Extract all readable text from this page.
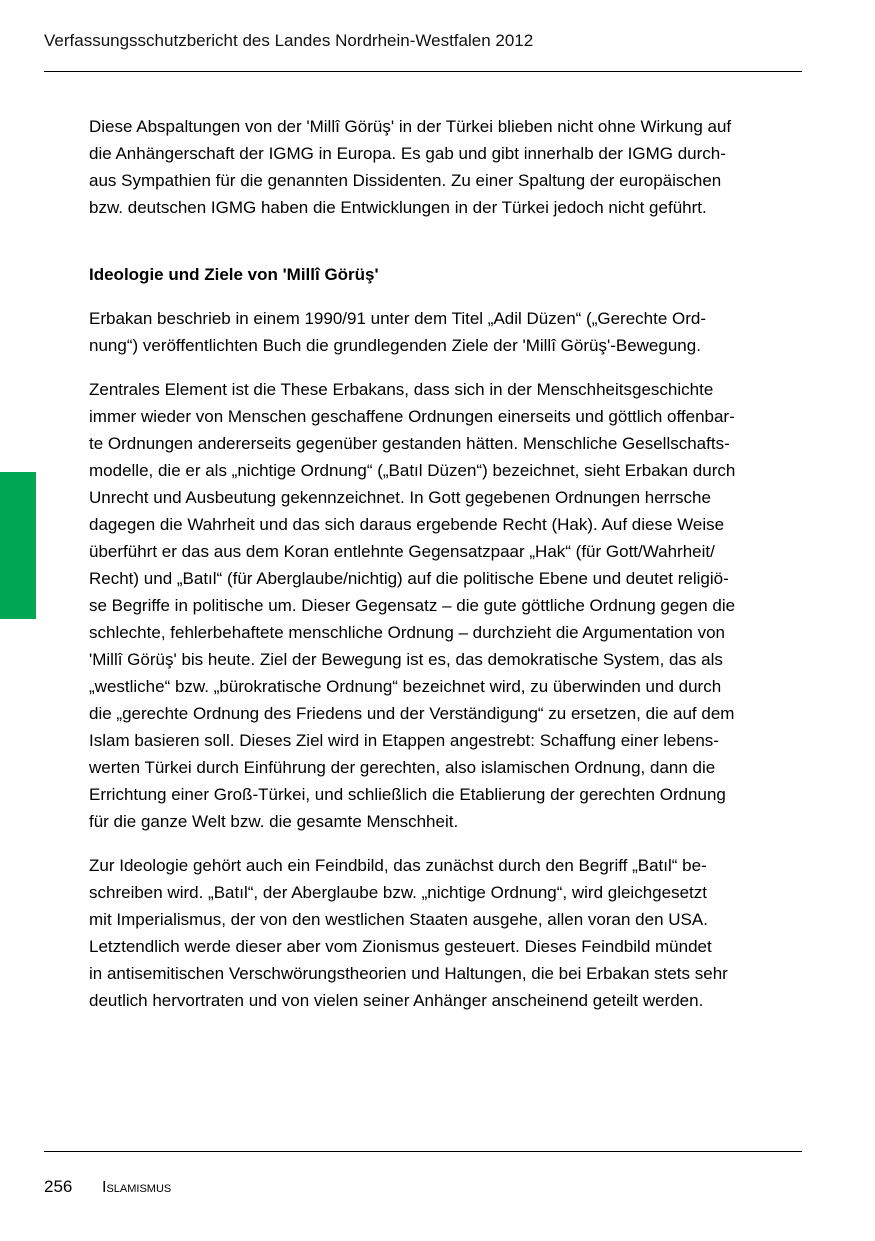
Verfassungsschutzbericht des Landes Nordrhein-Westfalen 2012

Diese Abspaltungen von der 'Millî Görüş' in der Türkei blieben nicht ohne Wirkung auf
die Anhängerschaft der IGMG in Europa. Es gab und gibt innerhalb der IGMG durch-
aus Sympathien für die genannten Dissidenten. Zu einer Spaltung der europäischen
bzw. deutschen IGMG haben die Entwicklungen in der Türkei jedoch nicht geführt.

Ideologie und Ziele von 'Millî Görüş'

Erbakan beschrieb in einem 1990/91 unter dem Titel „Adil Düzen“ („Gerechte Ord-
nung“) veröffentlichten Buch die grundlegenden Ziele der 'Millî Görüş'-Bewegung.

Zentrales Element ist die These Erbakans, dass sich in der Menschheitsgeschichte
immer wieder von Menschen geschaffene Ordnungen einerseits und göttlich offenbar-
te Ordnungen andererseits gegenüber gestanden hätten. Menschliche Gesellschafts-
modelle, die er als „nichtige Ordnung“ („Batıl Düzen“) bezeichnet, sieht Erbakan durch
Unrecht und Ausbeutung gekennzeichnet. In Gott gegebenen Ordnungen herrsche
dagegen die Wahrheit und das sich daraus ergebende Recht (Hak). Auf diese Weise
überführt er das aus dem Koran entlehnte Gegensatzpaar „Hak“ (für Gott/Wahrheit/
Recht) und „Batıl“ (für Aberglaube/nichtig) auf die politische Ebene und deutet religiö-
se Begriffe in politische um. Dieser Gegensatz – die gute göttliche Ordnung gegen die
schlechte, fehlerbehaftete menschliche Ordnung – durchzieht die Argumentation von
'Millî Görüş' bis heute. Ziel der Bewegung ist es, das demokratische System, das als
„westliche“ bzw. „bürokratische Ordnung“ bezeichnet wird, zu überwinden und durch
die „gerechte Ordnung des Friedens und der Verständigung“ zu ersetzen, die auf dem
Islam basieren soll. Dieses Ziel wird in Etappen angestrebt: Schaffung einer lebens-
werten Türkei durch Einführung der gerechten, also islamischen Ordnung, dann die
Errichtung einer Groß-Türkei, und schließlich die Etablierung der gerechten Ordnung
für die ganze Welt bzw. die gesamte Menschheit.

Zur Ideologie gehört auch ein Feindbild, das zunächst durch den Begriff „Batıl“ be-
schreiben wird. „Batıl“, der Aberglaube bzw. „nichtige Ordnung“, wird gleichgesetzt
mit Imperialismus, der von den westlichen Staaten ausgehe, allen voran den USA.
Letztendlich werde dieser aber vom Zionismus gesteuert. Dieses Feindbild mündet
in antisemitischen Verschwörungstheorien und Haltungen, die bei Erbakan stets sehr
deutlich hervortraten und von vielen seiner Anhänger anscheinend geteilt werden.

256 Islamismus
